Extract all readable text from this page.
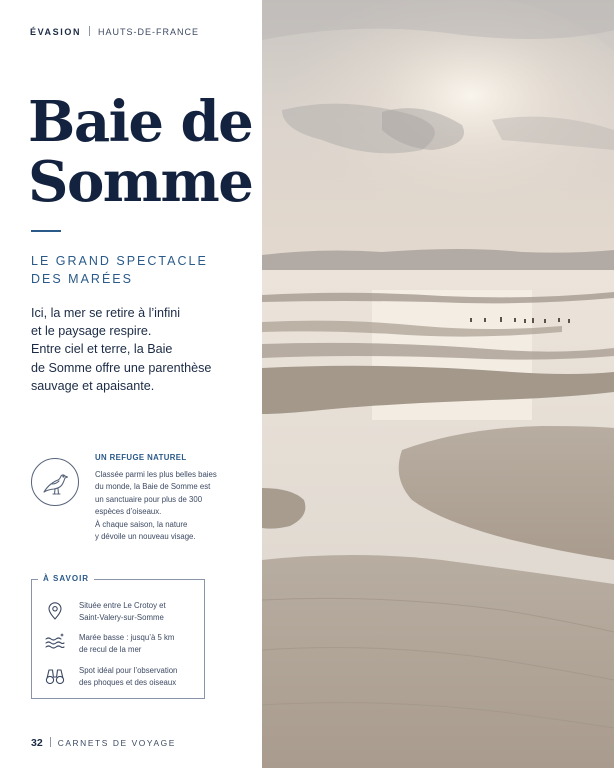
ÉVASION HAUTS-DE-FRANCE
Baie de
Somme
LE GRAND SPECTACLE
DES MARÉES

Ici, la mer se retire à l’infini
et le paysage respire.
Entre ciel et terre, la Baie
de Somme offre une parenthèse
sauvage et apaisante.

UN REFUGE NATUREL

Classée parmi les plus belles baies
du monde, la Baie de Somme est
un sanctuaire pour plus de 300
espèces d’oiseaux.
À chaque saison, la nature
y dévoile un nouveau visage.

À SAVOIR
Située entre Le Crotoy et
Saint-Valery-sur-Somme
Marée basse : jusqu’à 5 km
de recul de la mer
Spot idéal pour l’observation
des phoques et des oiseaux
32 CARNETS DE VOYAGE
